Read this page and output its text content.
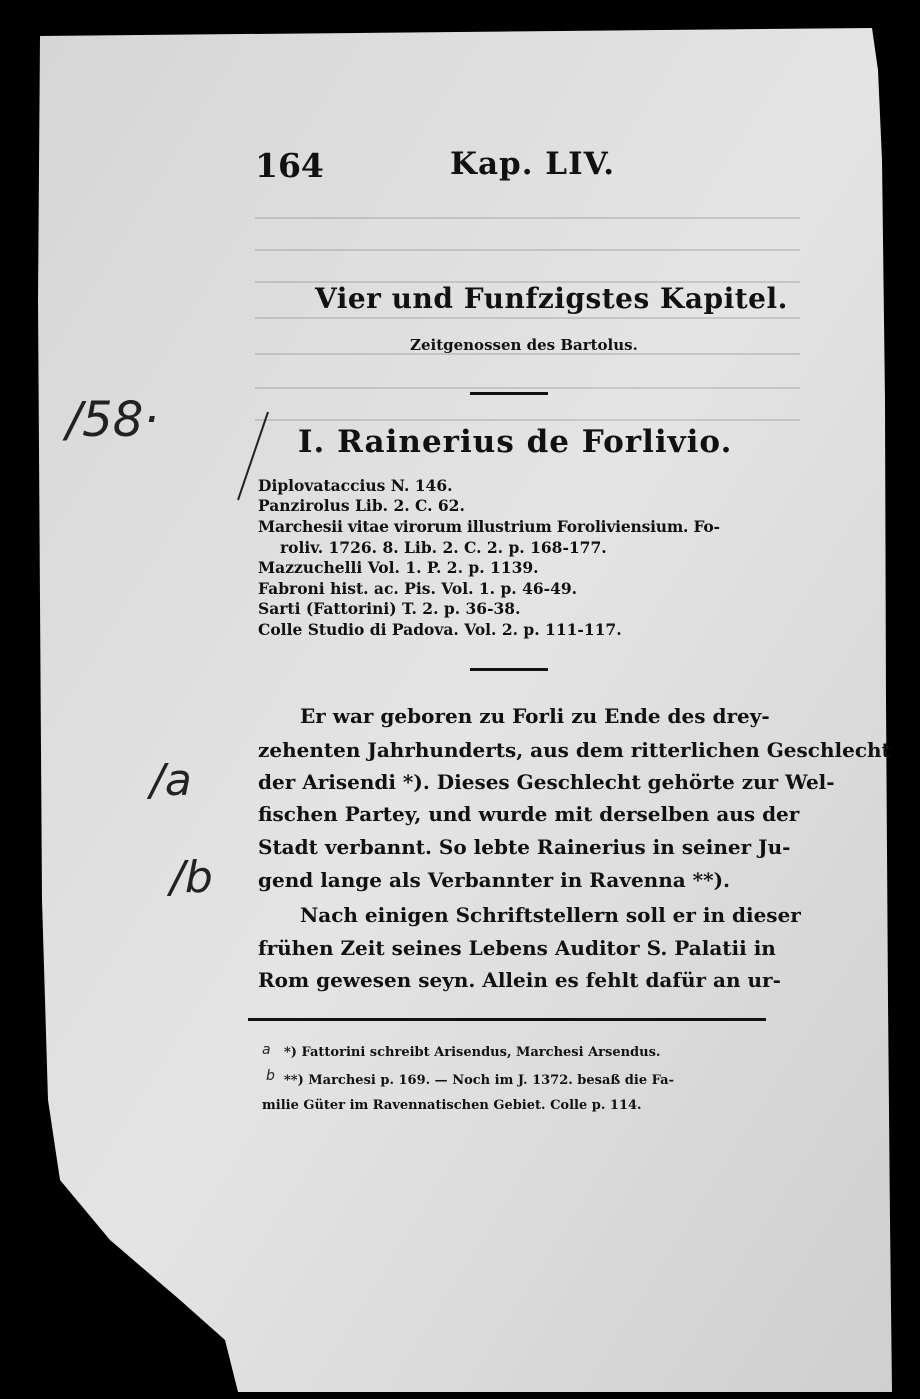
164	Kap. LIV.
Vier und Funfzigstes Kapitel.
Zeitgenossen des Bartolus.
I. Rainerius de Forlivio.
Diplovataccius N. 146.
Panzirolus Lib. 2. C. 62.
Marchesii vitae virorum illustrium Foroliviensium. Fo-
roliv. 1726. 8. Lib. 2. C. 2. p. 168-177.
Mazzuchelli Vol. 1. P. 2. p. 1139.
Fabroni hist. ac. Pis. Vol. 1. p. 46-49.
Sarti (Fattorini) T. 2. p. 36-38.
Colle Studio di Padova. Vol. 2. p. 111-117.
Er war geboren zu Forli zu Ende des drey-
zehenten Jahrhunderts, aus dem ritterlichen Geschlecht
der Arisendi *). Dieses Geschlecht gehörte zur Wel-
fischen Partey, und wurde mit derselben aus der
Stadt verbannt. So lebte Rainerius in seiner Ju-
gend lange als Verbannter in Ravenna **).
Nach einigen Schriftstellern soll er in dieser
frühen Zeit seines Lebens Auditor S. Palatii in
Rom gewesen seyn. Allein es fehlt dafür an ur-
*) Fattorini schreibt Arisendus, Marchesi Arsendus.
**) Marchesi p. 169. — Noch im J. 1372. besaß die Fa-
milie Güter im Ravennatischen Gebiet. Colle p. 114.
/58·
/a
/b
a
b
